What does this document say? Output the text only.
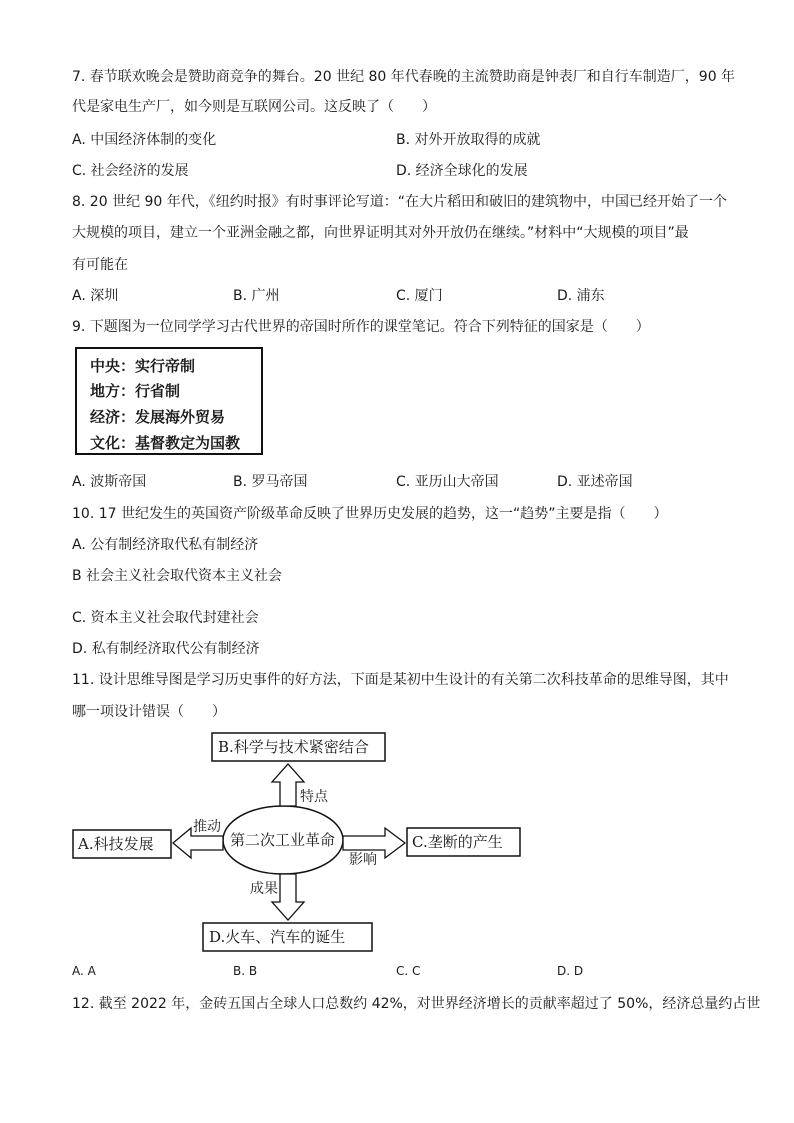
7. 春节联欢晚会是赞助商竞争的舞台。20 世纪 80 年代春晚的主流赞助商是钟表厂和自行车制造厂，90 年
代是家电生产厂，如今则是互联网公司。这反映了（　　）
A. 中国经济体制的变化	B. 对外开放取得的成就
C. 社会经济的发展	D. 经济全球化的发展
8. 20 世纪 90 年代，《纽约时报》有时事评论写道：“在大片稻田和破旧的建筑物中，中国已经开始了一个
大规模的项目，建立一个亚洲金融之都，向世界证明其对外开放仍在继续。”材料中“大规模的项目”最
有可能在
A. 深圳	B. 广州	C. 厦门	D. 浦东
9. 下题图为一位同学学习古代世界的帝国时所作的课堂笔记。符合下列特征的国家是（　　）
中央：实行帝制
地方：行省制
经济：发展海外贸易
文化：基督教定为国教
A. 波斯帝国	B. 罗马帝国	C. 亚历山大帝国	D. 亚述帝国
10. 17 世纪发生的英国资产阶级革命反映了世界历史发展的趋势，这一“趋势”主要是指（　　）
A. 公有制经济取代私有制经济
B 社会主义社会取代资本主义社会
C. 资本主义社会取代封建社会
D. 私有制经济取代公有制经济
11. 设计思维导图是学习历史事件的好方法，下面是某初中生设计的有关第二次科技革命的思维导图，其中
哪一项设计错误（　　）
B.科学与技术紧密结合
A.科技发展	C.垄断的产生
D.火车、汽车的诞生
第二次工业革命
特点
推动
影响
成果
A. A	B. B	C. C	D. D
12. 截至 2022 年，金砖五国占全球人口总数约 42%，对世界经济增长的贡献率超过了 50%，经济总量约占世
